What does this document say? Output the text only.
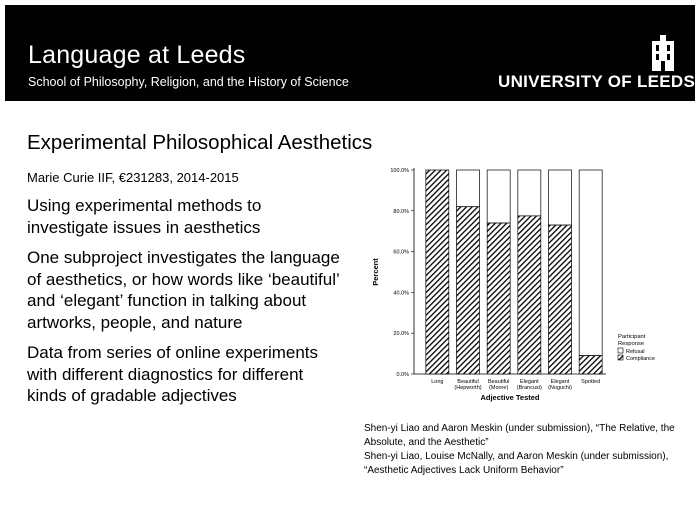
Language at Leeds
School of Philosophy, Religion, and the History of Science	UNIVERSITY OF LEEDS
Experimental Philosophical Aesthetics
Marie Curie IIF, €231283, 2014-2015
Using experimental methods to investigate issues in aesthetics
One subproject investigates the language of aesthetics, or how words like ‘beautiful’ and ‘elegant’ function in talking about artworks, people, and nature
Data from series of online experiments with different diagnostics for different kinds of gradable adjectives
0.0%
20.0%
40.0%
60.0%
80.0%
100.0%
Long	Beautiful
(Hepworth)
Beautiful
(Moore)
Elegant
(Brancusi)
Elegant
(Noguchi)
Spotted
Adjective Tested
Percent
Participant
Response
Refusal
Compliance

Shen-yi Liao and Aaron Meskin (under submission), “The Relative, the Absolute, and the Aesthetic”

Shen-yi Liao, Louise McNally, and Aaron Meskin (under submission), “Aesthetic Adjectives Lack Uniform Behavior”
